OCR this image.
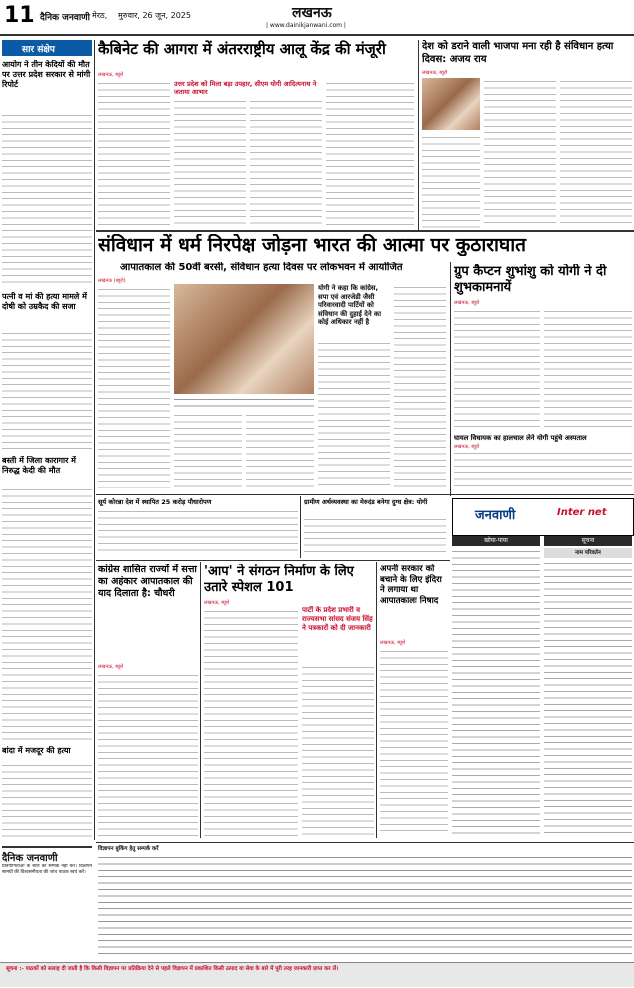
11 दैनिक जनवाणी मेरठ, मुरुवार, 26 जून, 2025	लखनऊ
| www.dainikjanwani.com |
सार संक्षेप
आयोग ने तीन केदियों की मौत पर उत्तर प्रदेश सरकार से मांगी रिपोर्ट
पत्नी व मां की हत्या मामले में दोषी को उम्रकैद की सजा
बस्ती में जिला कारागार में निरुद्ध केदी की मौत
बांदा में मजदूर की हत्या
दैनिक जनवाणी
प्रतियोगिताओं के ब्यौरे का सम्पर्क नहीं करें। विज्ञापन सामग्री की विश्वसनीयता की जांच पाठक स्वयं करें।
कैबिनेट की आगरा में अंतरराष्ट्रीय आलू केंद्र की मंजूरी
लखनऊ, ब्यूरो
उत्तर प्रदेश को मिला बड़ा उपहार, सीएम योगी आदित्यनाथ ने जताया आभार
देश को डराने वाली भाजपा मना रही है संविधान हत्या दिवस: अजय राय
लखनऊ, ब्यूरो
संविधान में धर्म निरपेक्ष जोड़ना भारत की आत्मा पर कुठाराघात
आपातकाल की 50वीं बरसी, संविधान हत्या दिवस पर लोकभवन में आयोजित
लखनऊ (ब्यूरो)
योगी ने कहा कि कांग्रेस, सपा एवं आरजेडी जैसी परिवारवादी पार्टियों को संविधान की दुहाई देने का कोई अधिकार नहीं है
ग्रुप कैप्टन शुभांशु को योगी ने दी शुभकामनायें
लखनऊ, ब्यूरो
घायल विधायक का हालचाल लेने योगी पहुंचे अस्पताल
लखनऊ, ब्यूरो
सूर्य कोरन्ना देश में स्थापित 25 करोड़ पौधारोपण	ग्रामीण अर्थव्यवस्था का मेरुदंड बनेगा दुग्ध क्षेत्र: योगी
जनवाणी	Inter net
खोया-पाया	सूचना
नाम परिवर्तन
कांग्रेस शासित राज्यों में सत्ता का अहंकार आपातकाल की याद दिलाता है: चौधरी
लखनऊ, ब्यूरो
'आप' ने संगठन निर्माण के लिए उतारे स्पेशल 101
लखनऊ, ब्यूरो
पार्टी के प्रदेश प्रभारी व राज्यसभा सांसद संजय सिंह ने पत्रकारों को दी जानकारी
अपनी सरकार को बचाने के लिए इंदिरा ने लगाया था आपातकालः निषाद
लखनऊ, ब्यूरो
विज्ञापन बुकिंग हेतु सम्पर्क करें
सूचना :- पाठकों को सलाह दी जाती है कि किसी विज्ञापन पर प्रतिक्रिया देने से पहले विज्ञापन में प्रकाशित किसी उत्पाद या सेवा के बारे में पूरी तरह जानकारी प्राप्त कर लें।
